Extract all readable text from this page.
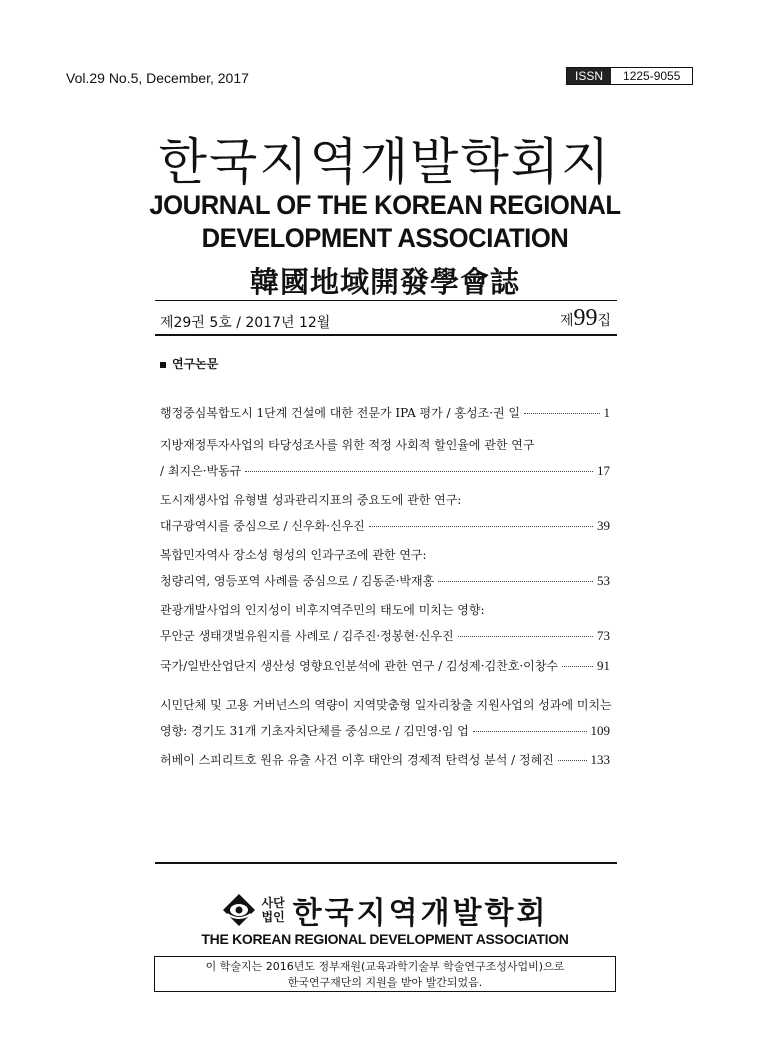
Vol.29 No.5, December, 2017	ISSN	1225-9055
한국지역개발학회지
JOURNAL OF THE KOREAN REGIONAL
DEVELOPMENT ASSOCIATION
韓國地域開發學會誌
제29권 5호 / 2017년 12월	제99집
연구논문
행정중심복합도시 1단계 건설에 대한 전문가 IPA 평가 / 홍성조·권 일	1
지방재정투자사업의 타당성조사를 위한 적정 사회적 할인율에 관한 연구
/ 최지은·박동규	17
도시재생사업 유형별 성과관리지표의 중요도에 관한 연구:
대구광역시를 중심으로 / 신우화·신우진	39
복합민자역사 장소성 형성의 인과구조에 관한 연구:
청량리역, 영등포역 사례를 중심으로 / 김동준·박재홍	53
관광개발사업의 인지성이 비후지역주민의 태도에 미치는 영향:
무안군 생태갯벌유원지를 사례로 / 김주진·정봉현·신우진	73
국가/일반산업단지 생산성 영향요인분석에 관한 연구 / 김성제·김찬호·이창수	91
시민단체 및 고용 거버넌스의 역량이 지역맞춤형 일자리창출 지원사업의 성과에 미치는
영향: 경기도 31개 기초자치단체를 중심으로 / 김민영·임 업	109
허베이 스피리트호 원유 유출 사건 이후 태안의 경제적 탄력성 분석 / 정혜진	133
사단
법인 한국지역개발학회
THE KOREAN REGIONAL DEVELOPMENT ASSOCIATION
이 학술지는 2016년도 정부재원(교육과학기술부 학술연구조성사업비)으로
한국연구재단의 지원을 받아 발간되었음.
